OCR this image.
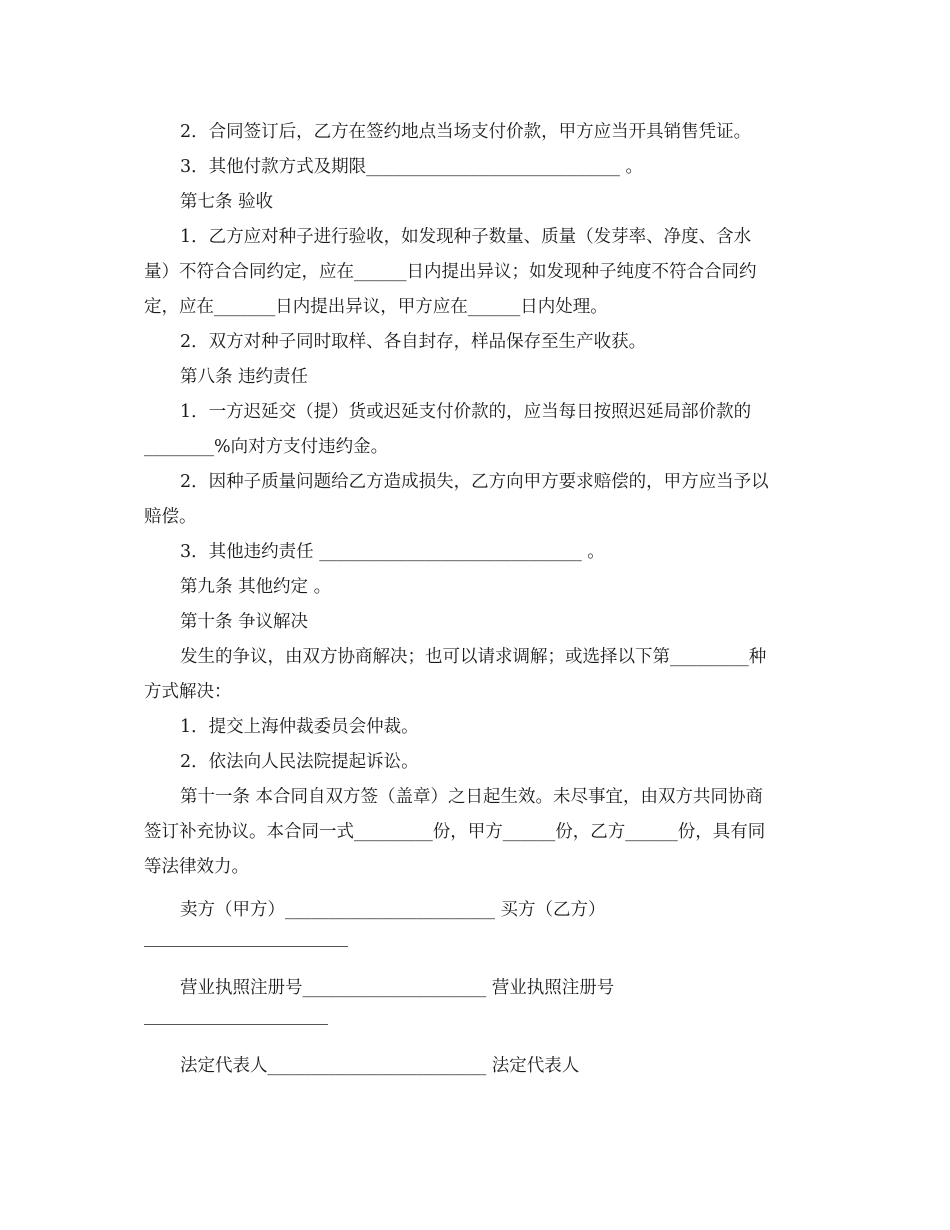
2．合同签订后，乙方在签约地点当场支付价款，甲方应当开具销售凭证。

3．其他付款方式及期限_____________________________ 。

第七条 验收

1．乙方应对种子进行验收，如发现种子数量、质量（发芽率、净度、含水

量）不符合合同约定，应在______日内提出异议；如发现种子纯度不符合合同约

定，应在_______日内提出异议，甲方应在______日内处理。

2．双方对种子同时取样、各自封存，样品保存至生产收获。

第八条 违约责任

1．一方迟延交（提）货或迟延支付价款的，应当每日按照迟延局部价款的

________%向对方支付违约金。

2．因种子质量问题给乙方造成损失，乙方向甲方要求赔偿的，甲方应当予以

赔偿。

3．其他违约责任 ______________________________ 。

第九条 其他约定 。

第十条 争议解决

发生的争议，由双方协商解决；也可以请求调解；或选择以下第_________种

方式解决：

1．提交上海仲裁委员会仲裁。

2．依法向人民法院提起诉讼。

第十一条 本合同自双方签（盖章）之日起生效。未尽事宜，由双方共同协商

签订补充协议。本合同一式_________份，甲方______份，乙方______份，具有同

等法律效力。

卖方（甲方）________________________ 买方（乙方）

营业执照注册号_____________________ 营业执照注册号

法定代表人_________________________ 法定代表人
